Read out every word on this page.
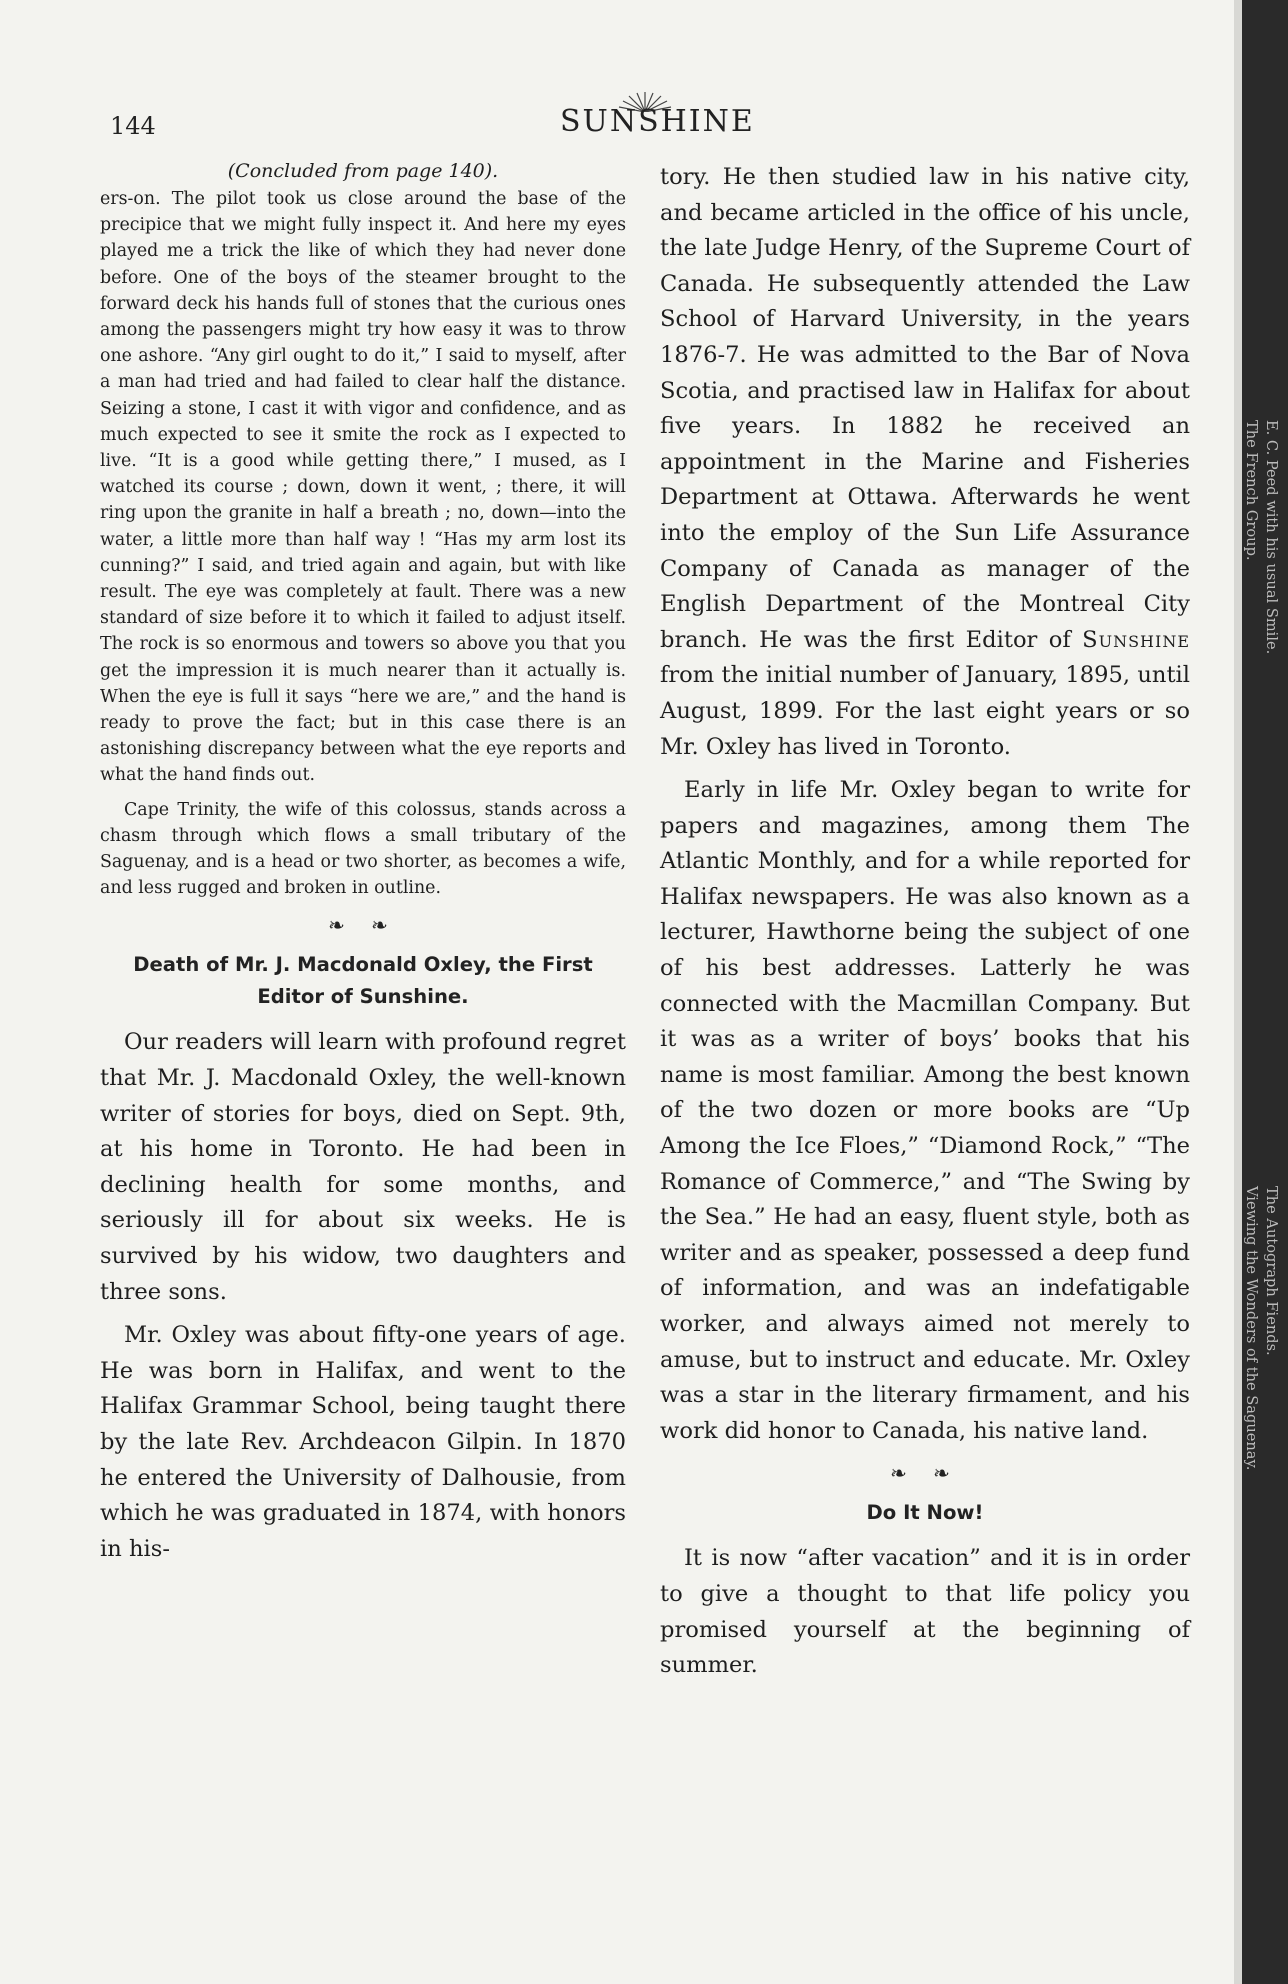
144	SUNSHINE

(Concluded from page 140).

ers-on. The pilot took us close around the base of the precipice that we might fully inspect it. And here my eyes played me a trick the like of which they had never done before. One of the boys of the steamer brought to the forward deck his hands full of stones that the curious ones among the passengers might try how easy it was to throw one ashore. “Any girl ought to do it,” I said to myself, after a man had tried and had failed to clear half the distance. Seizing a stone, I cast it with vigor and confidence, and as much expected to see it smite the rock as I expected to live. “It is a good while getting there,” I mused, as I watched its course ; down, down it went, ; there, it will ring upon the granite in half a breath ; no, down—into the water, a little more than half way ! “Has my arm lost its cunning?” I said, and tried again and again, but with like result. The eye was completely at fault. There was a new standard of size before it to which it failed to adjust itself. The rock is so enormous and towers so above you that you get the impression it is much nearer than it actually is. When the eye is full it says “here we are,” and the hand is ready to prove the fact; but in this case there is an astonishing discrepancy between what the eye reports and what the hand finds out.

Cape Trinity, the wife of this colossus, stands across a chasm through which flows a small tributary of the Saguenay, and is a head or two shorter, as becomes a wife, and less rugged and broken in outline.

❧ ❧
Death of Mr. J. Macdonald Oxley, the First Editor of Sunshine.

Our readers will learn with profound regret that Mr. J. Macdonald Oxley, the well-known writer of stories for boys, died on Sept. 9th, at his home in Toronto. He had been in declining health for some months, and seriously ill for about six weeks. He is survived by his widow, two daughters and three sons.

Mr. Oxley was about fifty-one years of age. He was born in Halifax, and went to the Halifax Grammar School, being taught there by the late Rev. Archdeacon Gilpin. In 1870 he entered the University of Dalhousie, from which he was graduated in 1874, with honors in his-

tory. He then studied law in his native city, and became articled in the office of his uncle, the late Judge Henry, of the Supreme Court of Canada. He subsequently attended the Law School of Harvard University, in the years 1876-7. He was admitted to the Bar of Nova Scotia, and practised law in Halifax for about five years. In 1882 he received an appointment in the Marine and Fisheries Department at Ottawa. Afterwards he went into the employ of the Sun Life Assurance Company of Canada as manager of the English Department of the Montreal City branch. He was the first Editor of Sunshine from the initial number of January, 1895, until August, 1899. For the last eight years or so Mr. Oxley has lived in Toronto.

Early in life Mr. Oxley began to write for papers and magazines, among them The Atlantic Monthly, and for a while reported for Halifax newspapers. He was also known as a lecturer, Hawthorne being the subject of one of his best addresses. Latterly he was connected with the Macmillan Company. But it was as a writer of boys’ books that his name is most familiar. Among the best known of the two dozen or more books are “Up Among the Ice Floes,” “Diamond Rock,” “The Romance of Commerce,” and “The Swing by the Sea.” He had an easy, fluent style, both as writer and as speaker, possessed a deep fund of information, and was an indefatigable worker, and always aimed not merely to amuse, but to instruct and educate. Mr. Oxley was a star in the literary firmament, and his work did honor to Canada, his native land.

❧ ❧
Do It Now!

It is now “after vacation” and it is in order to give a thought to that life policy you promised yourself at the beginning of summer.

The French Group. E. C. Peed with his usual Smile.
Viewing the Wonders of the Saguenay. The Autograph Fiends.
